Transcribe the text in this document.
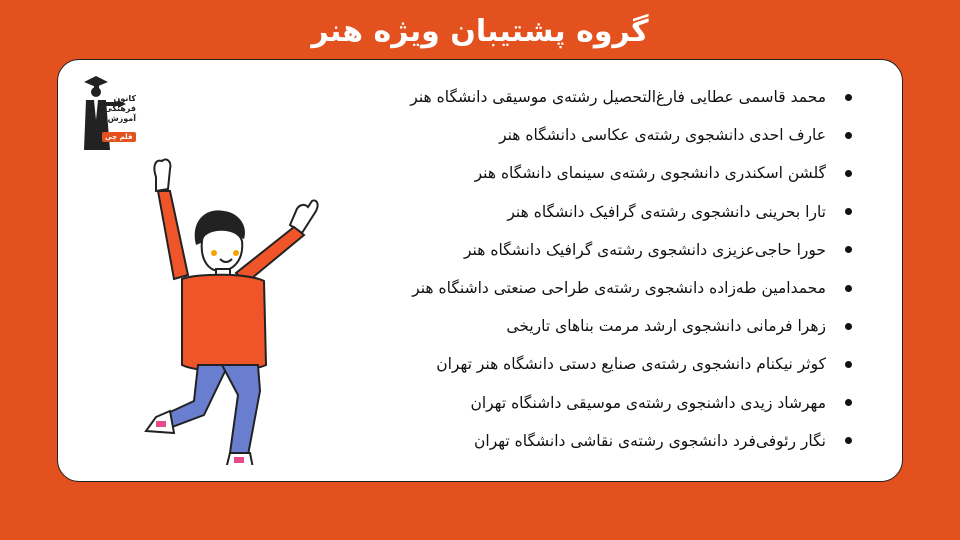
گروه پشتیبان ویژه هنر
کانون
فرهنگی
آموزش
قلم چی
محمد قاسمی عطایی فارغ‌التحصیل رشته‌ی موسیقی دانشگاه هنر
عارف احدی دانشجوی رشته‌ی عکاسی دانشگاه هنر
گلشن اسکندری دانشجوی رشته‌ی سینمای دانشگاه هنر
تارا بحرینی دانشجوی رشته‌ی گرافیک دانشگاه هنر
حورا حاجی‌عزیزی دانشجوی رشته‌ی گرافیک دانشگاه هنر
محمدامین طه‌زاده دانشجوی رشته‌ی طراحی صنعتی داشنگاه هنر
زهرا فرمانی دانشجوی ارشد مرمت بناهای تاریخی
کوثر نیکنام دانشجوی رشته‌ی صنایع دستی دانشگاه هنر تهران
مهرشاد زیدی داشنجوی رشته‌ی موسیقی داشنگاه تهران
نگار رئوفی‌فرد دانشجوی رشته‌ی نقاشی دانشگاه تهران
